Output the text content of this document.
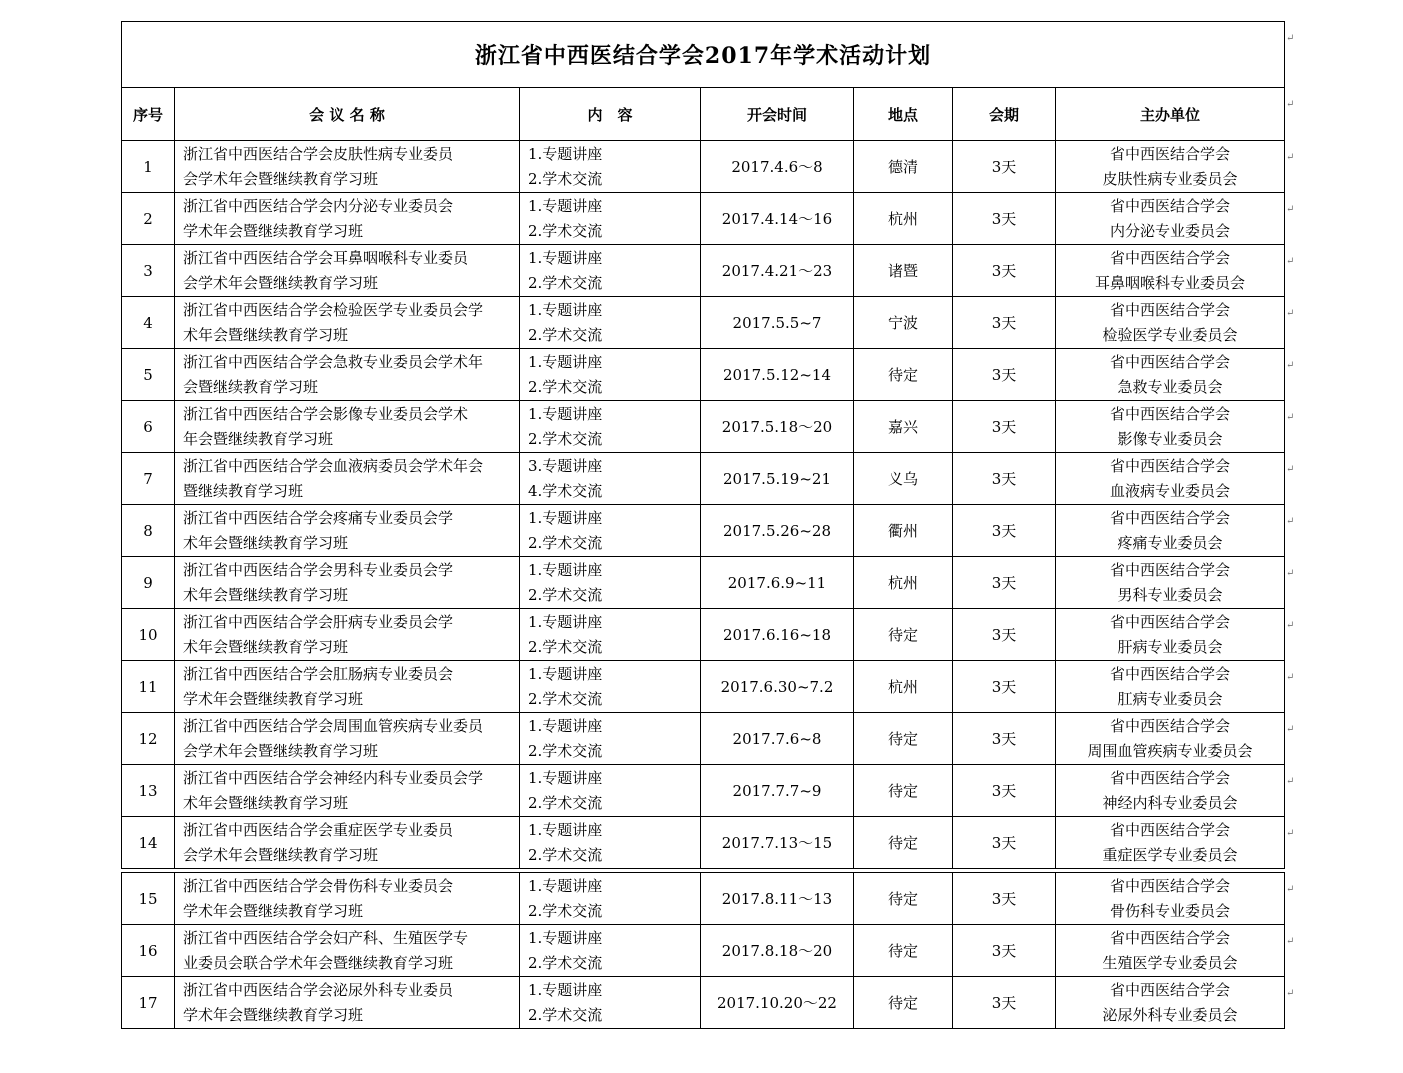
浙江省中西医结合学会2017年学术活动计划						
序号	会 议 名 称	内　容	开会时间	地点	会期	主办单位
1	浙江省中西医结合学会皮肤性病专业委员
会学术年会暨继续教育学习班	1.专题讲座
2.学术交流	2017.4.6～8	德清	3天	省中西医结合学会
皮肤性病专业委员会

2	浙江省中西医结合学会内分泌专业委员会
学术年会暨继续教育学习班	1.专题讲座
2.学术交流	2017.4.14～16	杭州	3天	省中西医结合学会
内分泌专业委员会

3	浙江省中西医结合学会耳鼻咽喉科专业委员
会学术年会暨继续教育学习班	1.专题讲座
2.学术交流	2017.4.21～23	诸暨	3天	省中西医结合学会
耳鼻咽喉科专业委员会

4	浙江省中西医结合学会检验医学专业委员会学
术年会暨继续教育学习班	1.专题讲座
2.学术交流	2017.5.5~7	宁波	3天	省中西医结合学会
检验医学专业委员会

5	浙江省中西医结合学会急救专业委员会学术年
会暨继续教育学习班	1.专题讲座
2.学术交流	2017.5.12~14	待定	3天	省中西医结合学会
急救专业委员会

6	浙江省中西医结合学会影像专业委员会学术
年会暨继续教育学习班	1.专题讲座
2.学术交流	2017.5.18～20	嘉兴	3天	省中西医结合学会
影像专业委员会

7	浙江省中西医结合学会血液病委员会学术年会
暨继续教育学习班	3.专题讲座
4.学术交流	2017.5.19~21	义乌	3天	省中西医结合学会
血液病专业委员会

8	浙江省中西医结合学会疼痛专业委员会学
术年会暨继续教育学习班	1.专题讲座
2.学术交流	2017.5.26~28	衢州	3天	省中西医结合学会
疼痛专业委员会

9	浙江省中西医结合学会男科专业委员会学
术年会暨继续教育学习班	1.专题讲座
2.学术交流	2017.6.9~11	杭州	3天	省中西医结合学会
男科专业委员会

10	浙江省中西医结合学会肝病专业委员会学
术年会暨继续教育学习班	1.专题讲座
2.学术交流	2017.6.16~18	待定	3天	省中西医结合学会
肝病专业委员会

11	浙江省中西医结合学会肛肠病专业委员会
学术年会暨继续教育学习班	1.专题讲座
2.学术交流	2017.6.30~7.2	杭州	3天	省中西医结合学会
肛病专业委员会

12	浙江省中西医结合学会周围血管疾病专业委员
会学术年会暨继续教育学习班	1.专题讲座
2.学术交流	2017.7.6~8	待定	3天	省中西医结合学会
周围血管疾病专业委员会

13	浙江省中西医结合学会神经内科专业委员会学
术年会暨继续教育学习班	1.专题讲座
2.学术交流	2017.7.7~9	待定	3天	省中西医结合学会
神经内科专业委员会

14	浙江省中西医结合学会重症医学专业委员
会学术年会暨继续教育学习班	1.专题讲座
2.学术交流	2017.7.13～15	待定	3天	省中西医结合学会
重症医学专业委员会

15	浙江省中西医结合学会骨伤科专业委员会
学术年会暨继续教育学习班	1.专题讲座
2.学术交流	2017.8.11～13	待定	3天	省中西医结合学会
骨伤科专业委员会

16	浙江省中西医结合学会妇产科、生殖医学专
业委员会联合学术年会暨继续教育学习班	1.专题讲座
2.学术交流	2017.8.18～20	待定	3天	省中西医结合学会
生殖医学专业委员会

17	浙江省中西医结合学会泌尿外科专业委员
学术年会暨继续教育学习班	1.专题讲座
2.学术交流	2017.10.20～22	待定	3天	省中西医结合学会
泌尿外科专业委员会
↵
↵
↵
↵
↵
↵
↵
↵
↵
↵
↵
↵
↵
↵
↵
↵
↵
↵
↵
